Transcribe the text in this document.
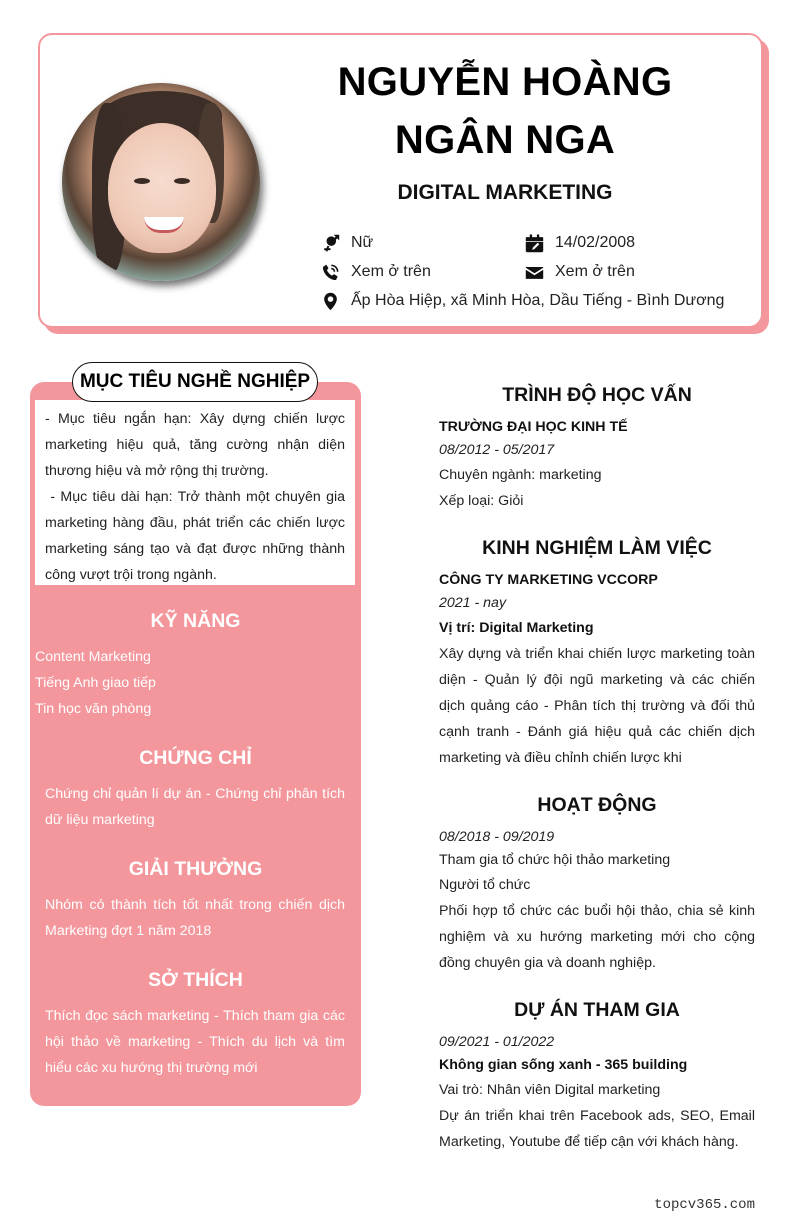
NGUYỄN HOÀNG
NGÂN NGA
DIGITAL MARKETING
Nữ	14/02/2008
Xem ở trên	Xem ở trên
Ấp Hòa Hiệp, xã Minh Hòa, Dầu Tiếng - Bình Dương
MỤC TIÊU NGHỀ NGHIỆP
- Mục tiêu ngắn hạn: Xây dựng chiến lược marketing hiệu quả, tăng cường nhận diện thương hiệu và mở rộng thị trường.
- Mục tiêu dài hạn: Trở thành một chuyên gia marketing hàng đầu, phát triển các chiến lược marketing sáng tạo và đạt được những thành công vượt trội trong ngành.
KỸ NĂNG
Content Marketing
Tiếng Anh giao tiếp
Tin học văn phòng
CHỨNG CHỈ
Chứng chỉ quản lí dự án - Chứng chỉ phân tích dữ liệu marketing
GIẢI THƯỞNG
Nhóm có thành tích tốt nhất trong chiến dịch Marketing đợt 1 năm 2018
SỞ THÍCH
Thích đọc sách marketing - Thích tham gia các hội thảo về marketing - Thích du lịch và tìm hiểu các xu hướng thị trường mới
TRÌNH ĐỘ HỌC VẤN
TRƯỜNG ĐẠI HỌC KINH TẾ
08/2012 - 05/2017
Chuyên ngành: marketing
Xếp loại: Giỏi
KINH NGHIỆM LÀM VIỆC
CÔNG TY MARKETING VCCORP
2021 - nay
Vị trí: Digital Marketing
Xây dựng và triển khai chiến lược marketing toàn diện - Quản lý đội ngũ marketing và các chiến dịch quảng cáo - Phân tích thị trường và đối thủ cạnh tranh - Đánh giá hiệu quả các chiến dịch marketing và điều chỉnh chiến lược khi
HOẠT ĐỘNG
08/2018 - 09/2019
Tham gia tổ chức hội thảo marketing
Người tổ chức
Phối hợp tổ chức các buổi hội thảo, chia sẻ kinh nghiệm và xu hướng marketing mới cho cộng đồng chuyên gia và doanh nghiệp.
DỰ ÁN THAM GIA
09/2021 - 01/2022
Không gian sống xanh - 365 building
Vai trò: Nhân viên Digital marketing
Dự án triển khai trên Facebook ads, SEO, Email Marketing, Youtube để tiếp cận với khách hàng.
topcv365.com
